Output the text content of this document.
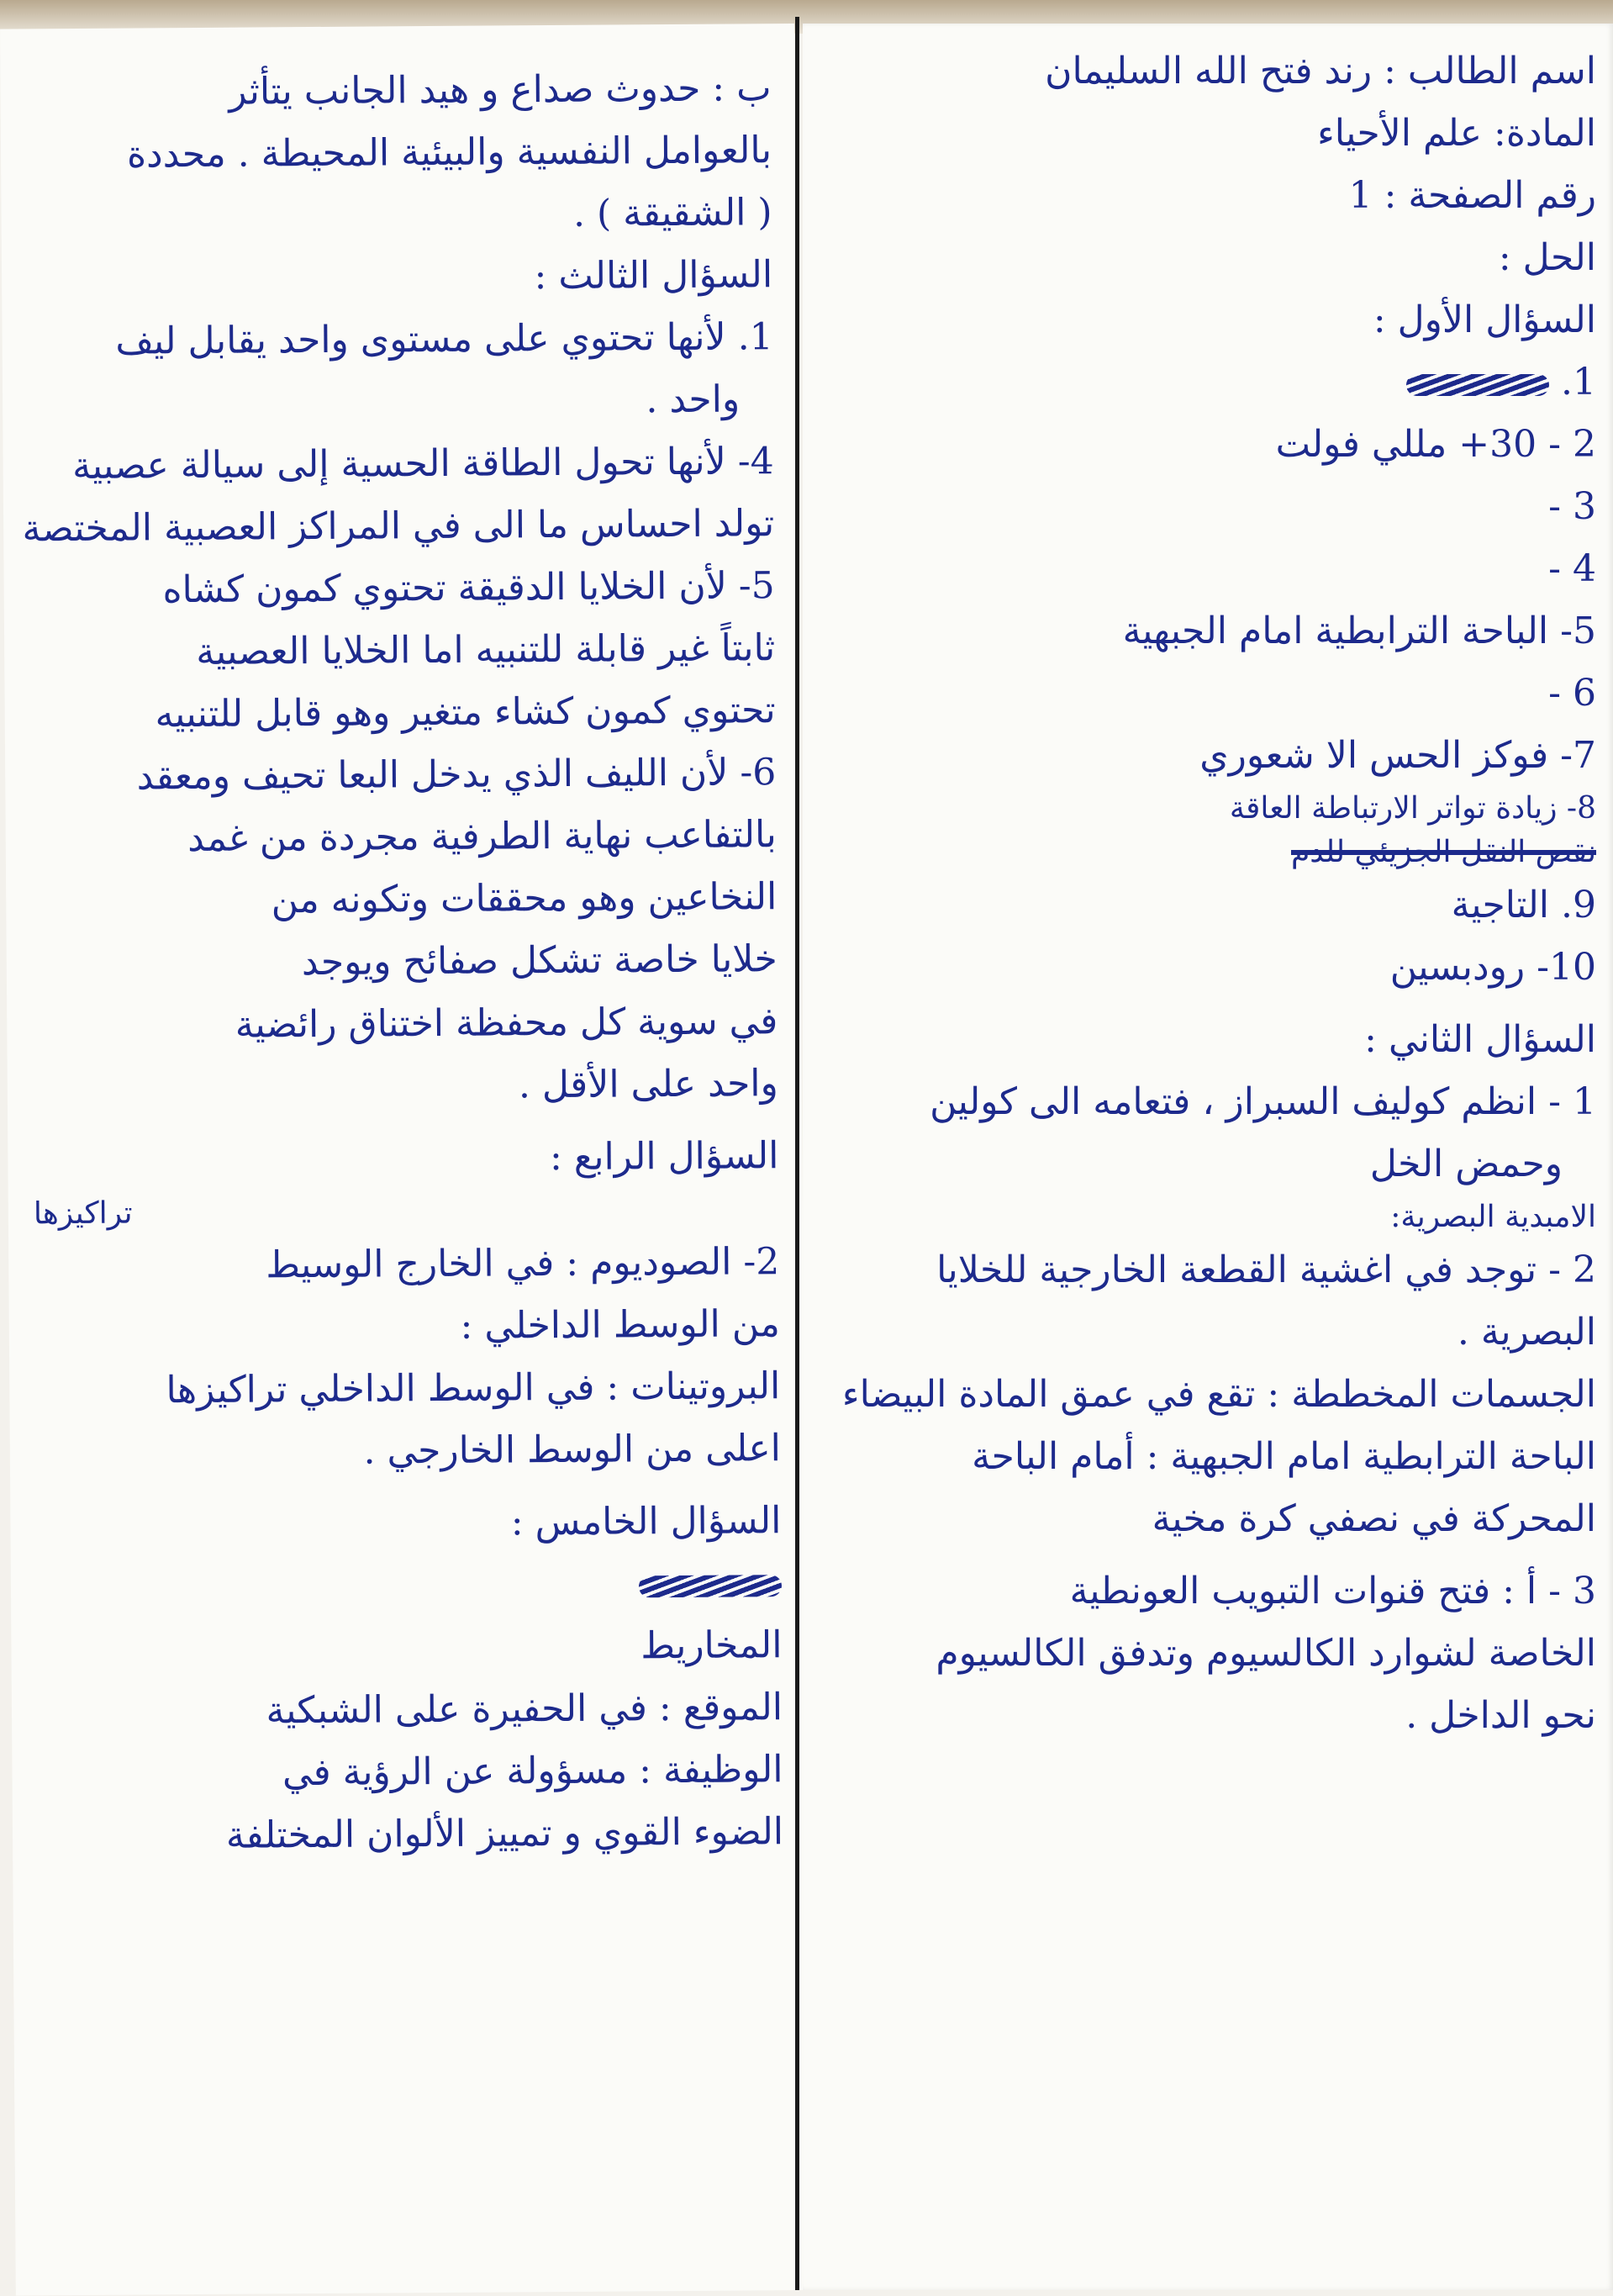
ب : حدوث صداع و هيد الجانب يتأثر
بالعوامل النفسية والبيئية المحيطة . محددة
( الشقيقة ) .
السؤال الثالث :
1. لأنها تحتوي على مستوى واحد يقابل ليف
واحد .
4- لأنها تحول الطاقة الحسية إلى سيالة عصبية
تولد احساس ما الى في المراكز العصبية المختصة
5- لأن الخلايا الدقيقة تحتوي كمون كشاه
ثابتاً غير قابلة للتنبيه اما الخلايا العصبية
تحتوي كمون كشاء متغير وهو قابل للتنبيه
6- لأن الليف الذي يدخل البعا تحيف ومعقد
بالتفاعب نهاية الطرفية مجردة من غمد
النخاعين وهو محققات وتكونه من
خلايا خاصة تشكل صفائح ويوجد
في سوية كل محفظة اختناق رائضية
واحد على الأقل .
السؤال الرابع :
تراكيزها
2- الصوديوم : في الخارج الوسيط
من الوسط الداخلي :
البروتينات : في الوسط الداخلي تراكيزها
اعلى من الوسط الخارجي .
السؤال الخامس :
المخاريط
الموقع : في الحفيرة على الشبكية
الوظيفة : مسؤولة عن الرؤية في
الضوء القوي و تمييز الألوان المختلفة
اسم الطالب : رند فتح الله السليمان
المادة: علم الأحياء
رقم الصفحة : 1
الحل :
السؤال الأول :
1.
2 - 30+ مللي فولت
3 -
4 -
5- الباحة الترابطية امام الجبهية
6 -
7- فوكز الحس الا شعوري
8- زيادة تواتر الارتباطة العاقة
نقص النقل الجزيئي للدم
9. التاجية
10- رودبسين
السؤال الثاني :
1 - انظم كوليف السبراز ، فتعامه الى كولين
وحمض الخل
الامبدية البصرية:
2 - توجد في اغشية القطعة الخارجية للخلايا
البصرية .
الجسمات المخططة : تقع في عمق المادة البيضاء
الباحة الترابطية امام الجبهية : أمام الباحة
المحركة في نصفي كرة مخية
3 - أ : فتح قنوات التبويب العونطية
الخاصة لشوارد الكالسيوم وتدفق الكالسيوم
نحو الداخل .
